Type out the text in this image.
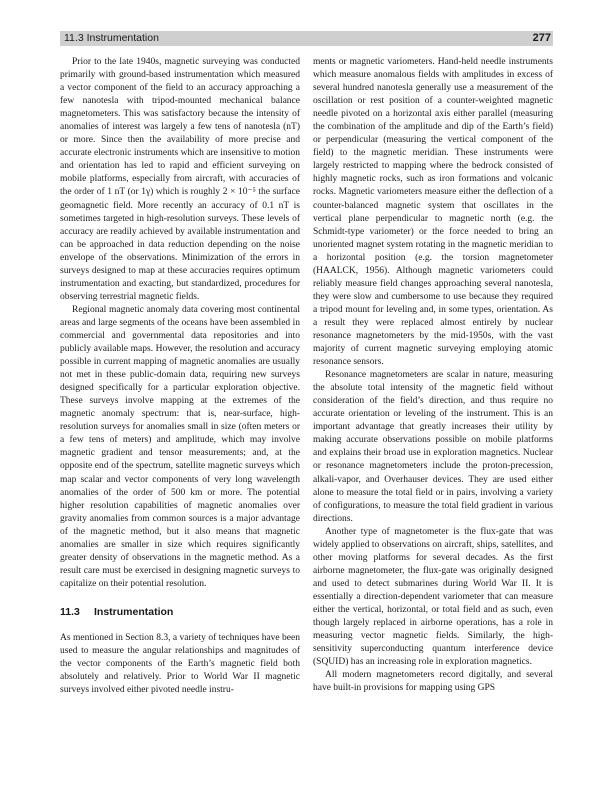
11.3 Instrumentation	277

Prior to the late 1940s, magnetic surveying was conducted primarily with ground-based instrumentation which measured a vector component of the field to an accuracy approaching a few nanotesla with tripod-mounted mechanical balance magnetometers. This was satisfactory because the intensity of anomalies of interest was largely a few tens of nanotesla (nT) or more. Since then the availability of more precise and accurate electronic instruments which are insensitive to motion and orientation has led to rapid and efficient surveying on mobile platforms, especially from aircraft, with accuracies of the order of 1 nT (or 1γ) which is roughly 2 × 10⁻⁵ the surface geomagnetic field. More recently an accuracy of 0.1 nT is sometimes targeted in high-resolution surveys. These levels of accuracy are readily achieved by available instrumentation and can be approached in data reduction depending on the noise envelope of the observations. Minimization of the errors in surveys designed to map at these accuracies requires optimum instrumentation and exacting, but standardized, procedures for observing terrestrial magnetic fields.

Regional magnetic anomaly data covering most continental areas and large segments of the oceans have been assembled in commercial and governmental data repositories and into publicly available maps. However, the resolution and accuracy possible in current mapping of magnetic anomalies are usually not met in these public-domain data, requiring new surveys designed specifically for a particular exploration objective. These surveys involve mapping at the extremes of the magnetic anomaly spectrum: that is, near-surface, high-resolution surveys for anomalies small in size (often meters or a few tens of meters) and amplitude, which may involve magnetic gradient and tensor measurements; and, at the opposite end of the spectrum, satellite magnetic surveys which map scalar and vector components of very long wavelength anomalies of the order of 500 km or more. The potential higher resolution capabilities of magnetic anomalies over gravity anomalies from common sources is a major advantage of the magnetic method, but it also means that magnetic anomalies are smaller in size which requires significantly greater density of observations in the magnetic method. As a result care must be exercised in designing magnetic surveys to capitalize on their potential resolution.

11.3 Instrumentation

As mentioned in Section 8.3, a variety of techniques have been used to measure the angular relationships and magnitudes of the vector components of the Earth’s magnetic field both absolutely and relatively. Prior to World War II magnetic surveys involved either pivoted needle instru-

ments or magnetic variometers. Hand-held needle instruments which measure anomalous fields with amplitudes in excess of several hundred nanotesla generally use a measurement of the oscillation or rest position of a counter-weighted magnetic needle pivoted on a horizontal axis either parallel (measuring the combination of the amplitude and dip of the Earth’s field) or perpendicular (measuring the vertical component of the field) to the magnetic meridian. These instruments were largely restricted to mapping where the bedrock consisted of highly magnetic rocks, such as iron formations and volcanic rocks. Magnetic variometers measure either the deflection of a counter-balanced magnetic system that oscillates in the vertical plane perpendicular to magnetic north (e.g. the Schmidt-type variometer) or the force needed to bring an unoriented magnet system rotating in the magnetic meridian to a horizontal position (e.g. the torsion magnetometer (HAALCK, 1956). Although magnetic variometers could reliably measure field changes approaching several nanotesla, they were slow and cumbersome to use because they required a tripod mount for leveling and, in some types, orientation. As a result they were replaced almost entirely by nuclear resonance magnetometers by the mid-1950s, with the vast majority of current magnetic surveying employing atomic resonance sensors.

Resonance magnetometers are scalar in nature, measuring the absolute total intensity of the magnetic field without consideration of the field’s direction, and thus require no accurate orientation or leveling of the instrument. This is an important advantage that greatly increases their utility by making accurate observations possible on mobile platforms and explains their broad use in exploration magnetics. Nuclear or resonance magnetometers include the proton-precession, alkali-vapor, and Overhauser devices. They are used either alone to measure the total field or in pairs, involving a variety of configurations, to measure the total field gradient in various directions.

Another type of magnetometer is the flux-gate that was widely applied to observations on aircraft, ships, satellites, and other moving platforms for several decades. As the first airborne magnetometer, the flux-gate was originally designed and used to detect submarines during World War II. It is essentially a direction-dependent variometer that can measure either the vertical, horizontal, or total field and as such, even though largely replaced in airborne operations, has a role in measuring vector magnetic fields. Similarly, the high-sensitivity superconducting quantum interference device (SQUID) has an increasing role in exploration magnetics.

All modern magnetometers record digitally, and several have built-in provisions for mapping using GPS
